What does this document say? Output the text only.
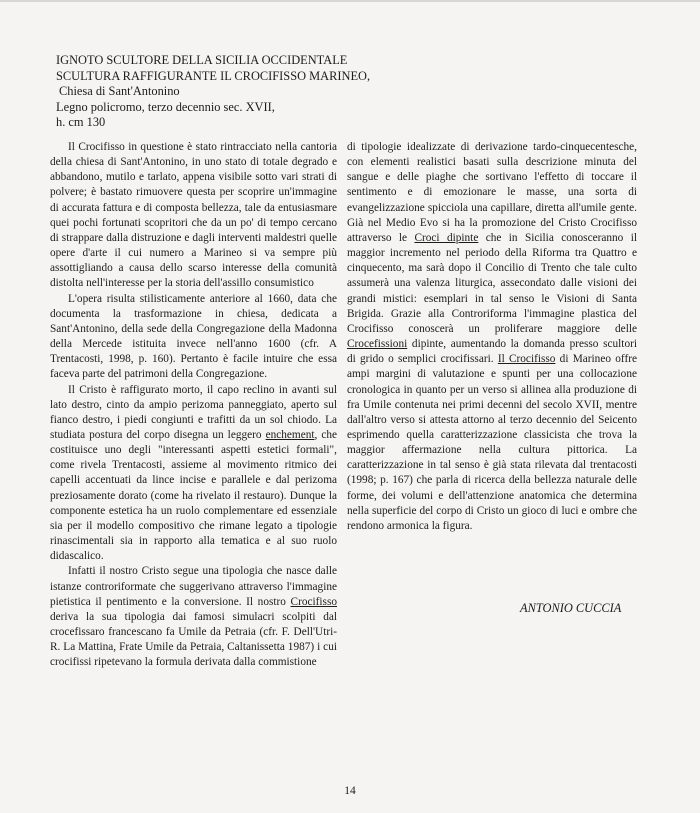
IGNOTO SCULTORE DELLA SICILIA OCCIDENTALE
SCULTURA RAFFIGURANTE IL CROCIFISSO MARINEO,
Chiesa di Sant'Antonino
Legno policromo, terzo decennio sec. XVII,
h. cm 130

Il Crocifisso in questione è stato rintracciato nella cantoria della chiesa di Sant'Antonino, in uno stato di totale degrado e abbandono, mutilo e tarlato, appena visibile sotto vari strati di polvere; è bastato rimuovere questa per scoprire un'immagine di accurata fattura e di composta bellezza, tale da entusiasmare quei pochi fortunati scopritori che da un po' di tempo cercano di strappare dalla distruzione e dagli interventi maldestri quelle opere d'arte il cui numero a Marineo si va sempre più assottigliando a causa dello scarso interesse della comunità distolta nell'interesse per la storia dell'assillo consumistico

L'opera risulta stilisticamente anteriore al 1660, data che documenta la trasformazione in chiesa, dedicata a Sant'Antonino, della sede della Congregazione della Madonna della Mercede istituita invece nell'anno 1600 (cfr. A Trentacosti, 1998, p. 160). Pertanto è facile intuire che essa faceva parte del patrimoni della Congregazione.

Il Cristo è raffigurato morto, il capo reclino in avanti sul lato destro, cinto da ampio perizoma panneggiato, aperto sul fianco destro, i piedi congiunti e trafitti da un sol chiodo. La studiata postura del corpo disegna un leggero enchement, che costituisce uno degli "interessanti aspetti estetici formali", come rivela Trentacosti, assieme al movimento ritmico dei capelli accentuati da lince incise e parallele e dal perizoma preziosamente dorato (come ha rivelato il restauro). Dunque la componente estetica ha un ruolo complementare ed essenziale sia per il modello compositivo che rimane legato a tipologie rinascimentali sia in rapporto alla tematica e al suo ruolo didascalico.

Infatti il nostro Cristo segue una tipologia che nasce dalle istanze controriformate che suggerivano attraverso l'immagine pietistica il pentimento e la conversione. Il nostro Crocifisso deriva la sua tipologia dai famosi simulacri scolpiti dal crocefissaro francescano fa Umile da Petraia (cfr. F. Dell'Utri-R. La Mattina, Frate Umile da Petraia, Caltanissetta 1987) i cui crocifissi ripetevano la formula derivata dalla commistione

di tipologie idealizzate di derivazione tardo-cinquecentesche, con elementi realistici basati sulla descrizione minuta del sangue e delle piaghe che sortivano l'effetto di toccare il sentimento e di emozionare le masse, una sorta di evangelizzazione spicciola una capillare, diretta all'umile gente. Già nel Medio Evo si ha la promozione del Cristo Crocifisso attraverso le Croci dipinte che in Sicilia conosceranno il maggior incremento nel periodo della Riforma tra Quattro e cinquecento, ma sarà dopo il Concilio di Trento che tale culto assumerà una valenza liturgica, assecondato dalle visioni dei grandi mistici: esemplari in tal senso le Visioni di Santa Brigida. Grazie alla Controriforma l'immagine plastica del Crocifisso conoscerà un proliferare maggiore delle Crocefissioni dipinte, aumentando la domanda presso scultori di grido o semplici crocifissari. Il Crocifisso di Marineo offre ampi margini di valutazione e spunti per una collocazione cronologica in quanto per un verso si allinea alla produzione di fra Umile contenuta nei primi decenni del secolo XVII, mentre dall'altro verso si attesta attorno al terzo decennio del Seicento esprimendo quella caratterizzazione classicista che trova la maggior affermazione nella cultura pittorica. La caratterizzazione in tal senso è già stata rilevata dal trentacosti (1998; p. 167) che parla di ricerca della bellezza naturale delle forme, dei volumi e dell'attenzione anatomica che determina nella superficie del corpo di Cristo un gioco di luci e ombre che rendono armonica la figura.

ANTONIO CUCCIA
14
